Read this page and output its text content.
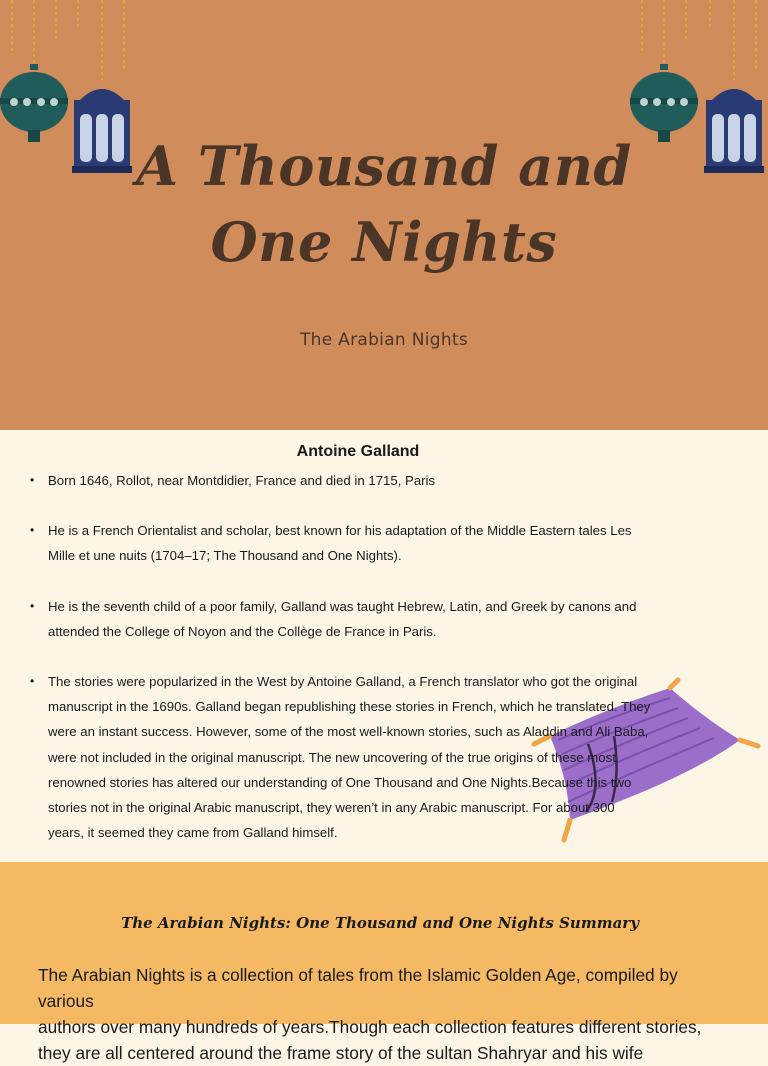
A Thousand and
One Nights
The Arabian Nights
Antoine Galland
•	Born 1646, Rollot, near Montdidier, France and died in 1715, Paris
•	He is a French Orientalist and scholar, best known for his adaptation of the Middle Eastern tales Les
Mille et une nuits (1704–17; The Thousand and One Nights).
•	He is the seventh child of a poor family, Galland was taught Hebrew, Latin, and Greek by canons and
attended the College of Noyon and the Collège de France in Paris.
•	The stories were popularized in the West by Antoine Galland, a French translator who got the original
manuscript in the 1690s. Galland began republishing these stories in French, which he translated. They
were an instant success. However, some of the most well-known stories, such as Aladdin and Ali Baba,
were not included in the original manuscript. The new uncovering of the true origins of these most
renowned stories has altered our understanding of One Thousand and One Nights.Because this two
stories not in the original Arabic manuscript, they weren’t in any Arabic manuscript. For about 300
years, it seemed they came from Galland himself.
The Arabian Nights: One Thousand and One Nights Summary
The Arabian Nights is a collection of tales from the Islamic Golden Age, compiled by various
authors over many hundreds of years.Though each collection features different stories,
they are all centered around the frame story of the sultan Shahryar and his wife
